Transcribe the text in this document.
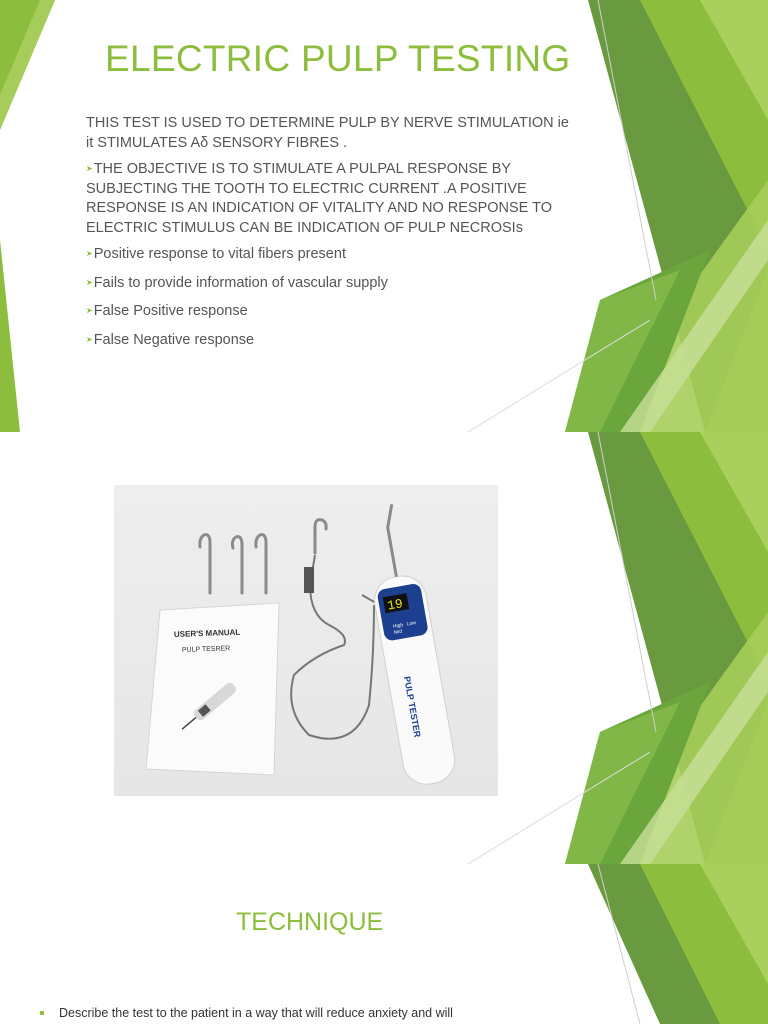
ELECTRIC PULP TESTING

THIS TEST IS USED TO DETERMINE PULP BY NERVE STIMULATION ie it STIMULATES Aδ SENSORY FIBRES .

➤THE OBJECTIVE IS TO STIMULATE A PULPAL RESPONSE BY SUBJECTING THE TOOTH TO ELECTRIC CURRENT .A POSITIVE RESPONSE IS AN INDICATION OF VITALITY AND NO RESPONSE TO ELECTRIC STIMULUS CAN BE INDICATION OF PULP NECROSIs

➤Positive response to vital fibers present
➤Fails to provide information of vascular supply
➤False Positive response
➤False Negative response
USER'S MANUAL
PULP TESRER
19
High
Mid
Low
PULP TESTER
TECHNIQUE
Describe the test to the patient in a way that will reduce anxiety and will
